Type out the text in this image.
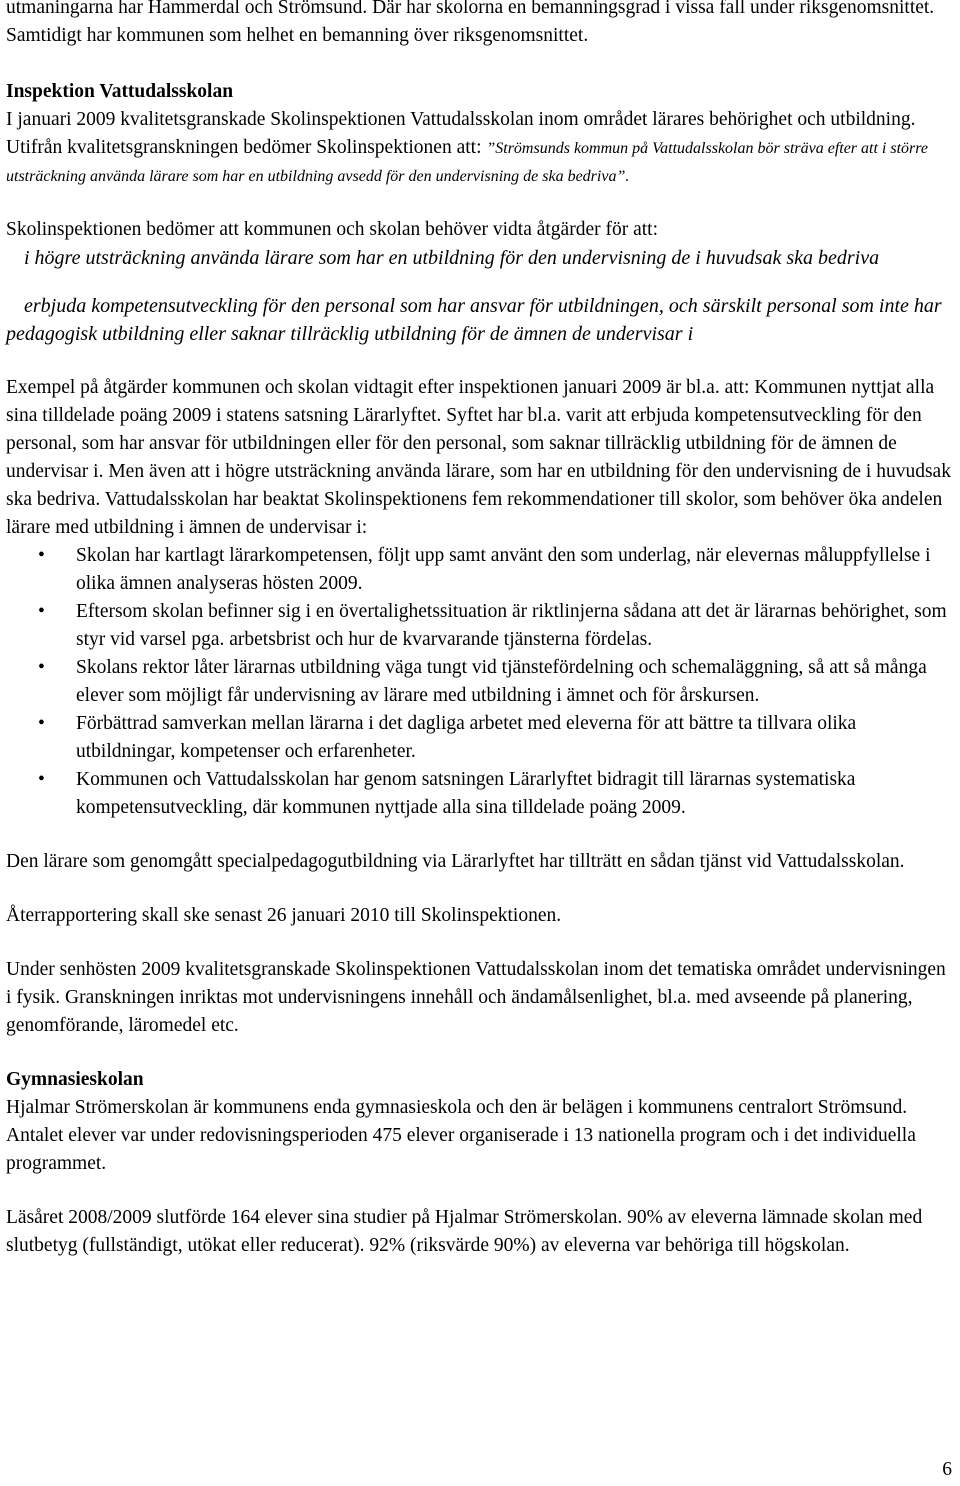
utmaningarna har Hammerdal och Strömsund. Där har skolorna en bemanningsgrad i vissa fall under riksgenomsnittet. Samtidigt har kommunen som helhet en bemanning över riksgenomsnittet.

Inspektion Vattudalsskolan

I januari 2009 kvalitetsgranskade Skolinspektionen Vattudalsskolan inom området lärares behörighet och utbildning. Utifrån kvalitetsgranskningen bedömer Skolinspektionen att: ”Strömsunds kommun på Vattudalsskolan bör sträva efter att i större utsträckning använda lärare som har en utbildning avsedd för den undervisning de ska bedriva”.

Skolinspektionen bedömer att kommunen och skolan behöver vidta åtgärder för att:

i högre utsträckning använda lärare som har en utbildning för den undervisning de i huvudsak ska bedriva

erbjuda kompetensutveckling för den personal som har ansvar för utbildningen, och särskilt personal som inte har pedagogisk utbildning eller saknar tillräcklig utbildning för de ämnen de undervisar i

Exempel på åtgärder kommunen och skolan vidtagit efter inspektionen januari 2009 är bl.a. att: Kommunen nyttjat alla sina tilldelade poäng 2009 i statens satsning Lärarlyftet. Syftet har bl.a. varit att erbjuda kompetensutveckling för den personal, som har ansvar för utbildningen eller för den personal, som saknar tillräcklig utbildning för de ämnen de undervisar i. Men även att i högre utsträckning använda lärare, som har en utbildning för den undervisning de i huvudsak ska bedriva. Vattudalsskolan har beaktat Skolinspektionens fem rekommendationer till skolor, som behöver öka andelen lärare med utbildning i ämnen de undervisar i:

• Skolan har kartlagt lärarkompetensen, följt upp samt använt den som underlag, när elevernas måluppfyllelse i olika ämnen analyseras hösten 2009.
• Eftersom skolan befinner sig i en övertalighetssituation är riktlinjerna sådana att det är lärarnas behörighet, som styr vid varsel pga. arbetsbrist och hur de kvarvarande tjänsterna fördelas.
• Skolans rektor låter lärarnas utbildning väga tungt vid tjänstefördelning och schemaläggning, så att så många elever som möjligt får undervisning av lärare med utbildning i ämnet och för årskursen.
• Förbättrad samverkan mellan lärarna i det dagliga arbetet med eleverna för att bättre ta tillvara olika utbildningar, kompetenser och erfarenheter.
• Kommunen och Vattudalsskolan har genom satsningen Lärarlyftet bidragit till lärarnas systematiska kompetensutveckling, där kommunen nyttjade alla sina tilldelade poäng 2009.

Den lärare som genomgått specialpedagogutbildning via Lärarlyftet har tillträtt en sådan tjänst vid Vattudalsskolan.

Återrapportering skall ske senast 26 januari 2010 till Skolinspektionen.

Under senhösten 2009 kvalitetsgranskade Skolinspektionen Vattudalsskolan inom det tematiska området undervisningen i fysik. Granskningen inriktas mot undervisningens innehåll och ändamålsenlighet, bl.a. med avseende på planering, genomförande, läromedel etc.

Gymnasieskolan

Hjalmar Strömerskolan är kommunens enda gymnasieskola och den är belägen i kommunens centralort Strömsund. Antalet elever var under redovisningsperioden 475 elever organiserade i 13 nationella program och i det individuella programmet.

Läsåret 2008/2009 slutförde 164 elever sina studier på Hjalmar Strömerskolan. 90% av eleverna lämnade skolan med slutbetyg (fullständigt, utökat eller reducerat). 92% (riksvärde 90%) av eleverna var behöriga till högskolan.

6
